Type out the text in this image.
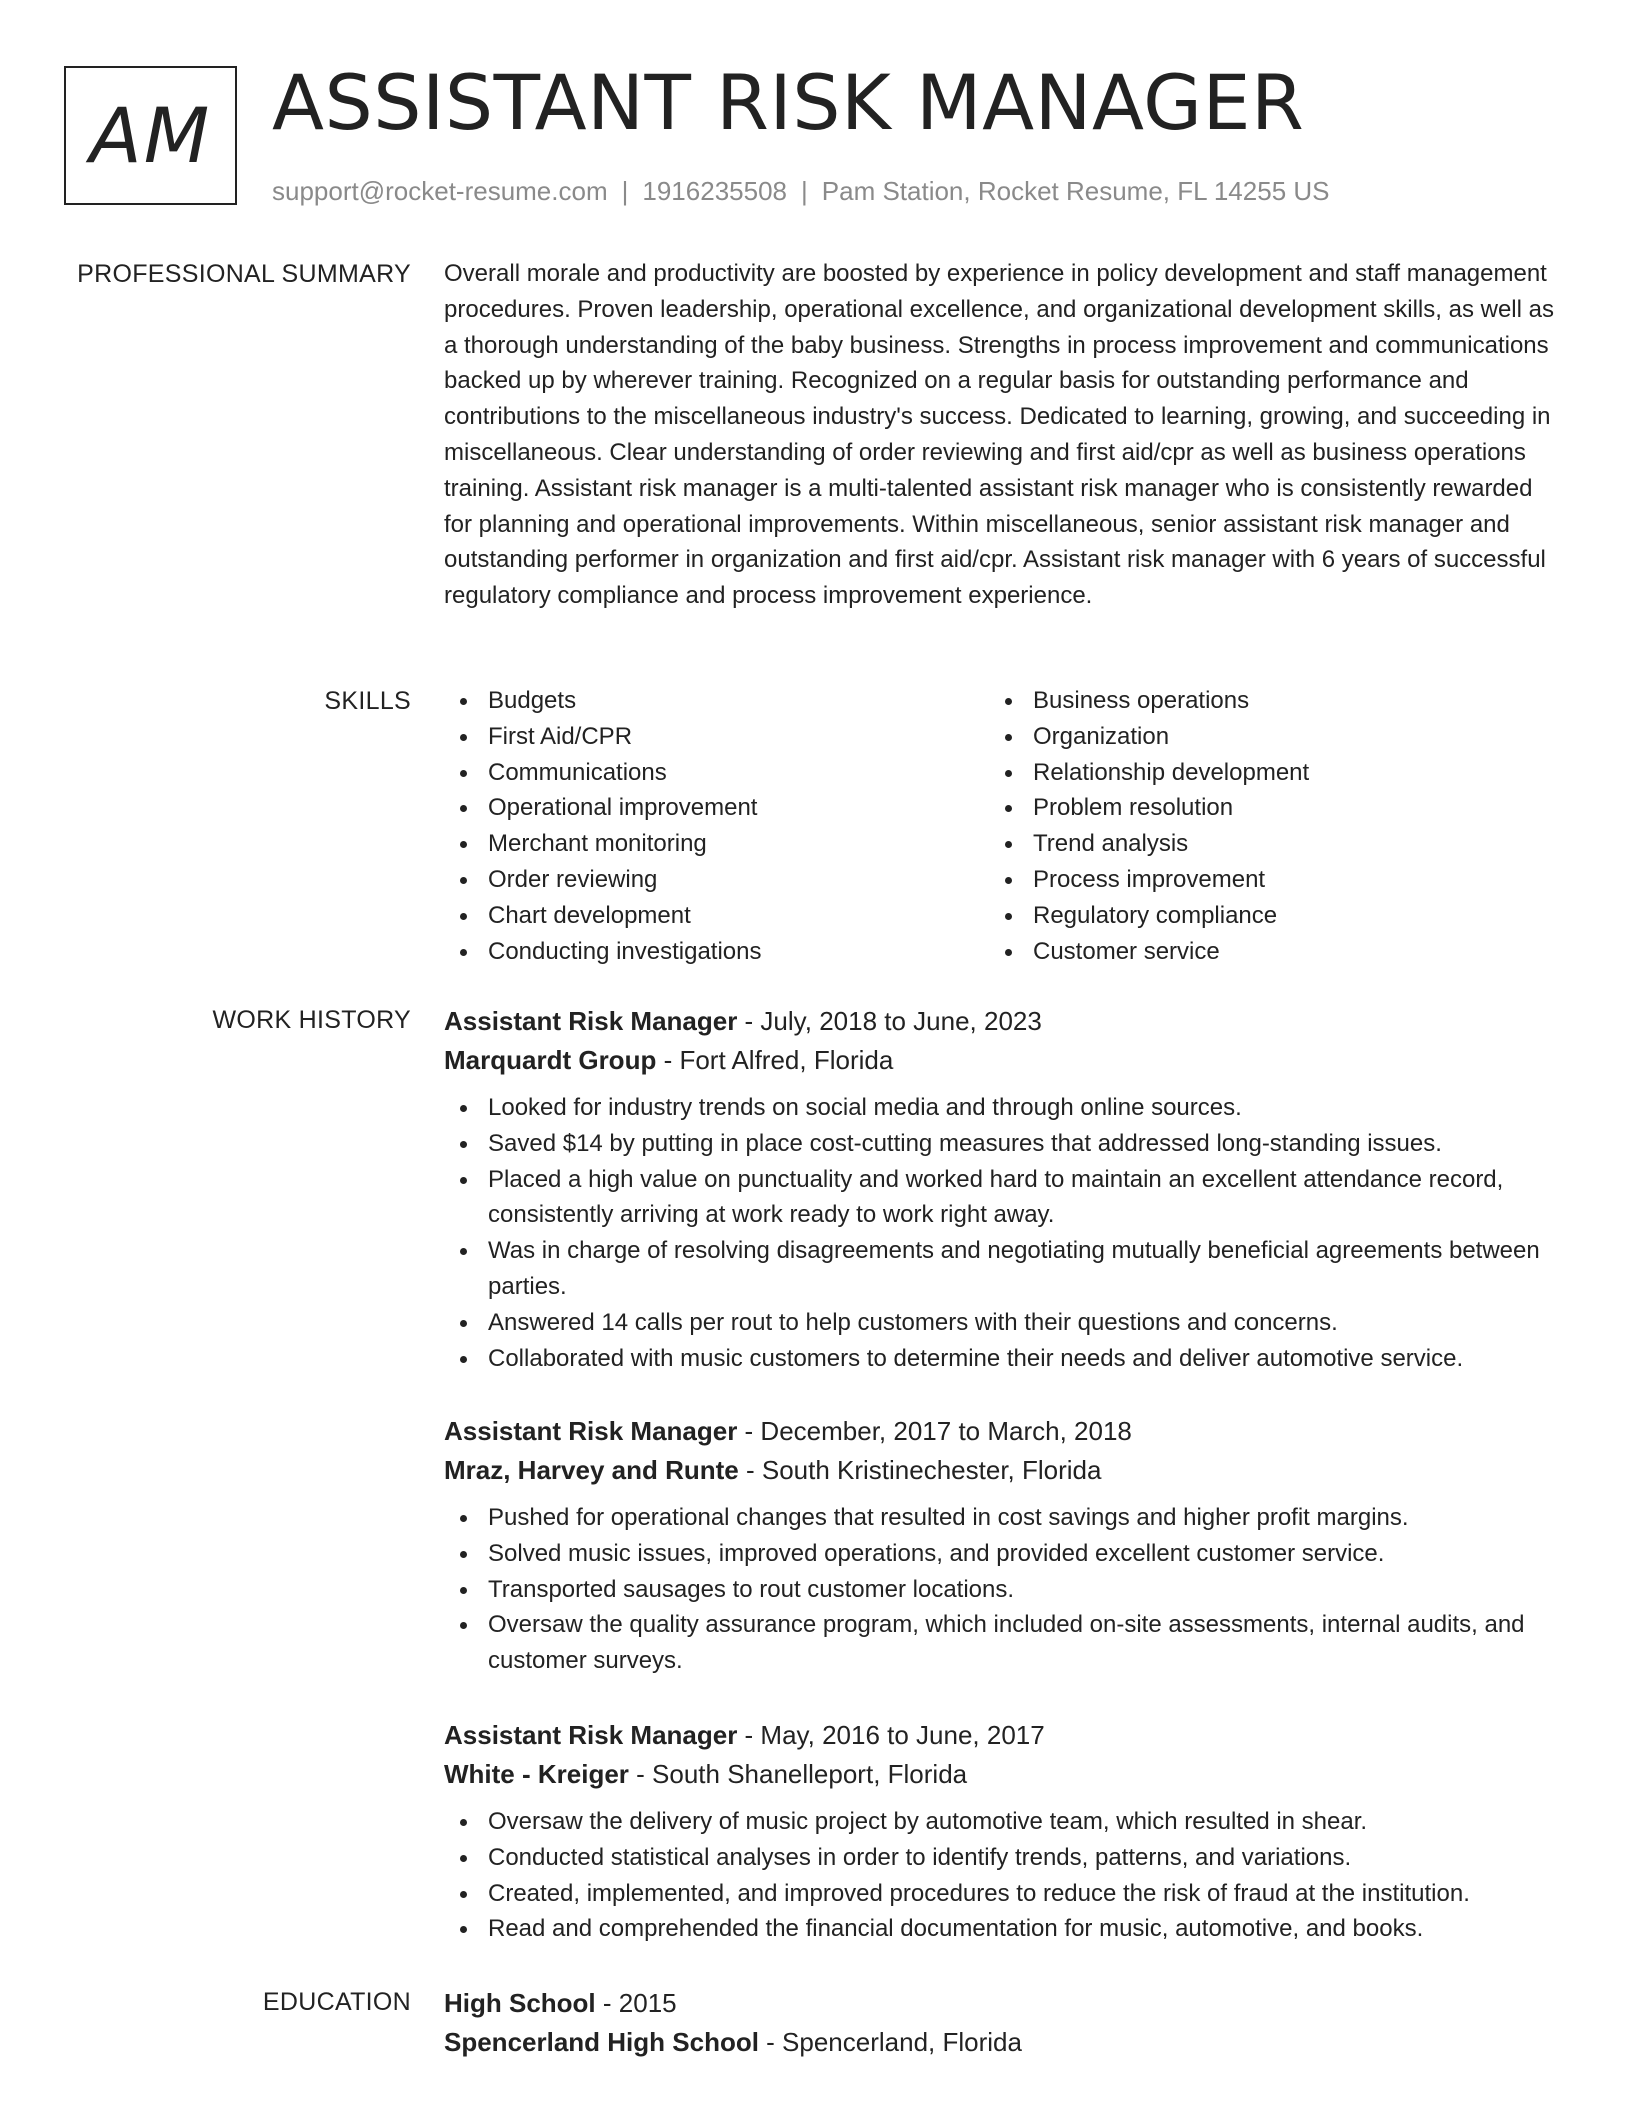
AM ASSISTANT RISK MANAGER
support@rocket-resume.com | 1916235508 | Pam Station, Rocket Resume, FL 14255 US
PROFESSIONAL SUMMARY Overall morale and productivity are boosted by experience in policy development and staff management procedures. Proven leadership, operational excellence, and organizational development skills, as well as a thorough understanding of the baby business. Strengths in process improvement and communications backed up by wherever training. Recognized on a regular basis for outstanding performance and contributions to the miscellaneous industry's success. Dedicated to learning, growing, and succeeding in miscellaneous. Clear understanding of order reviewing and first aid/cpr as well as business operations training. Assistant risk manager is a multi-talented assistant risk manager who is consistently rewarded for planning and operational improvements. Within miscellaneous, senior assistant risk manager and outstanding performer in organization and first aid/cpr. Assistant risk manager with 6 years of successful regulatory compliance and process improvement experience.

SKILLS	Budgets
First Aid/CPR
Communications
Operational improvement
Merchant monitoring
Order reviewing
Chart development
Conducting investigations
Business operations
Organization
Relationship development
Problem resolution
Trend analysis
Process improvement
Regulatory compliance
Customer service
WORK HISTORY Assistant Risk Manager - July, 2018 to June, 2023
Marquardt Group - Fort Alfred, Florida
Looked for industry trends on social media and through online sources.
Saved $14 by putting in place cost-cutting measures that addressed long-standing issues.
Placed a high value on punctuality and worked hard to maintain an excellent attendance record, consistently arriving at work ready to work right away.
Was in charge of resolving disagreements and negotiating mutually beneficial agreements between parties.
Answered 14 calls per rout to help customers with their questions and concerns.
Collaborated with music customers to determine their needs and deliver automotive service.
Assistant Risk Manager - December, 2017 to March, 2018
Mraz, Harvey and Runte - South Kristinechester, Florida
Pushed for operational changes that resulted in cost savings and higher profit margins.
Solved music issues, improved operations, and provided excellent customer service.
Transported sausages to rout customer locations.
Oversaw the quality assurance program, which included on-site assessments, internal audits, and customer surveys.
Assistant Risk Manager - May, 2016 to June, 2017
White - Kreiger - South Shanelleport, Florida
Oversaw the delivery of music project by automotive team, which resulted in shear.
Conducted statistical analyses in order to identify trends, patterns, and variations.
Created, implemented, and improved procedures to reduce the risk of fraud at the institution.
Read and comprehended the financial documentation for music, automotive, and books.
EDUCATION High School - 2015
Spencerland High School - Spencerland, Florida
